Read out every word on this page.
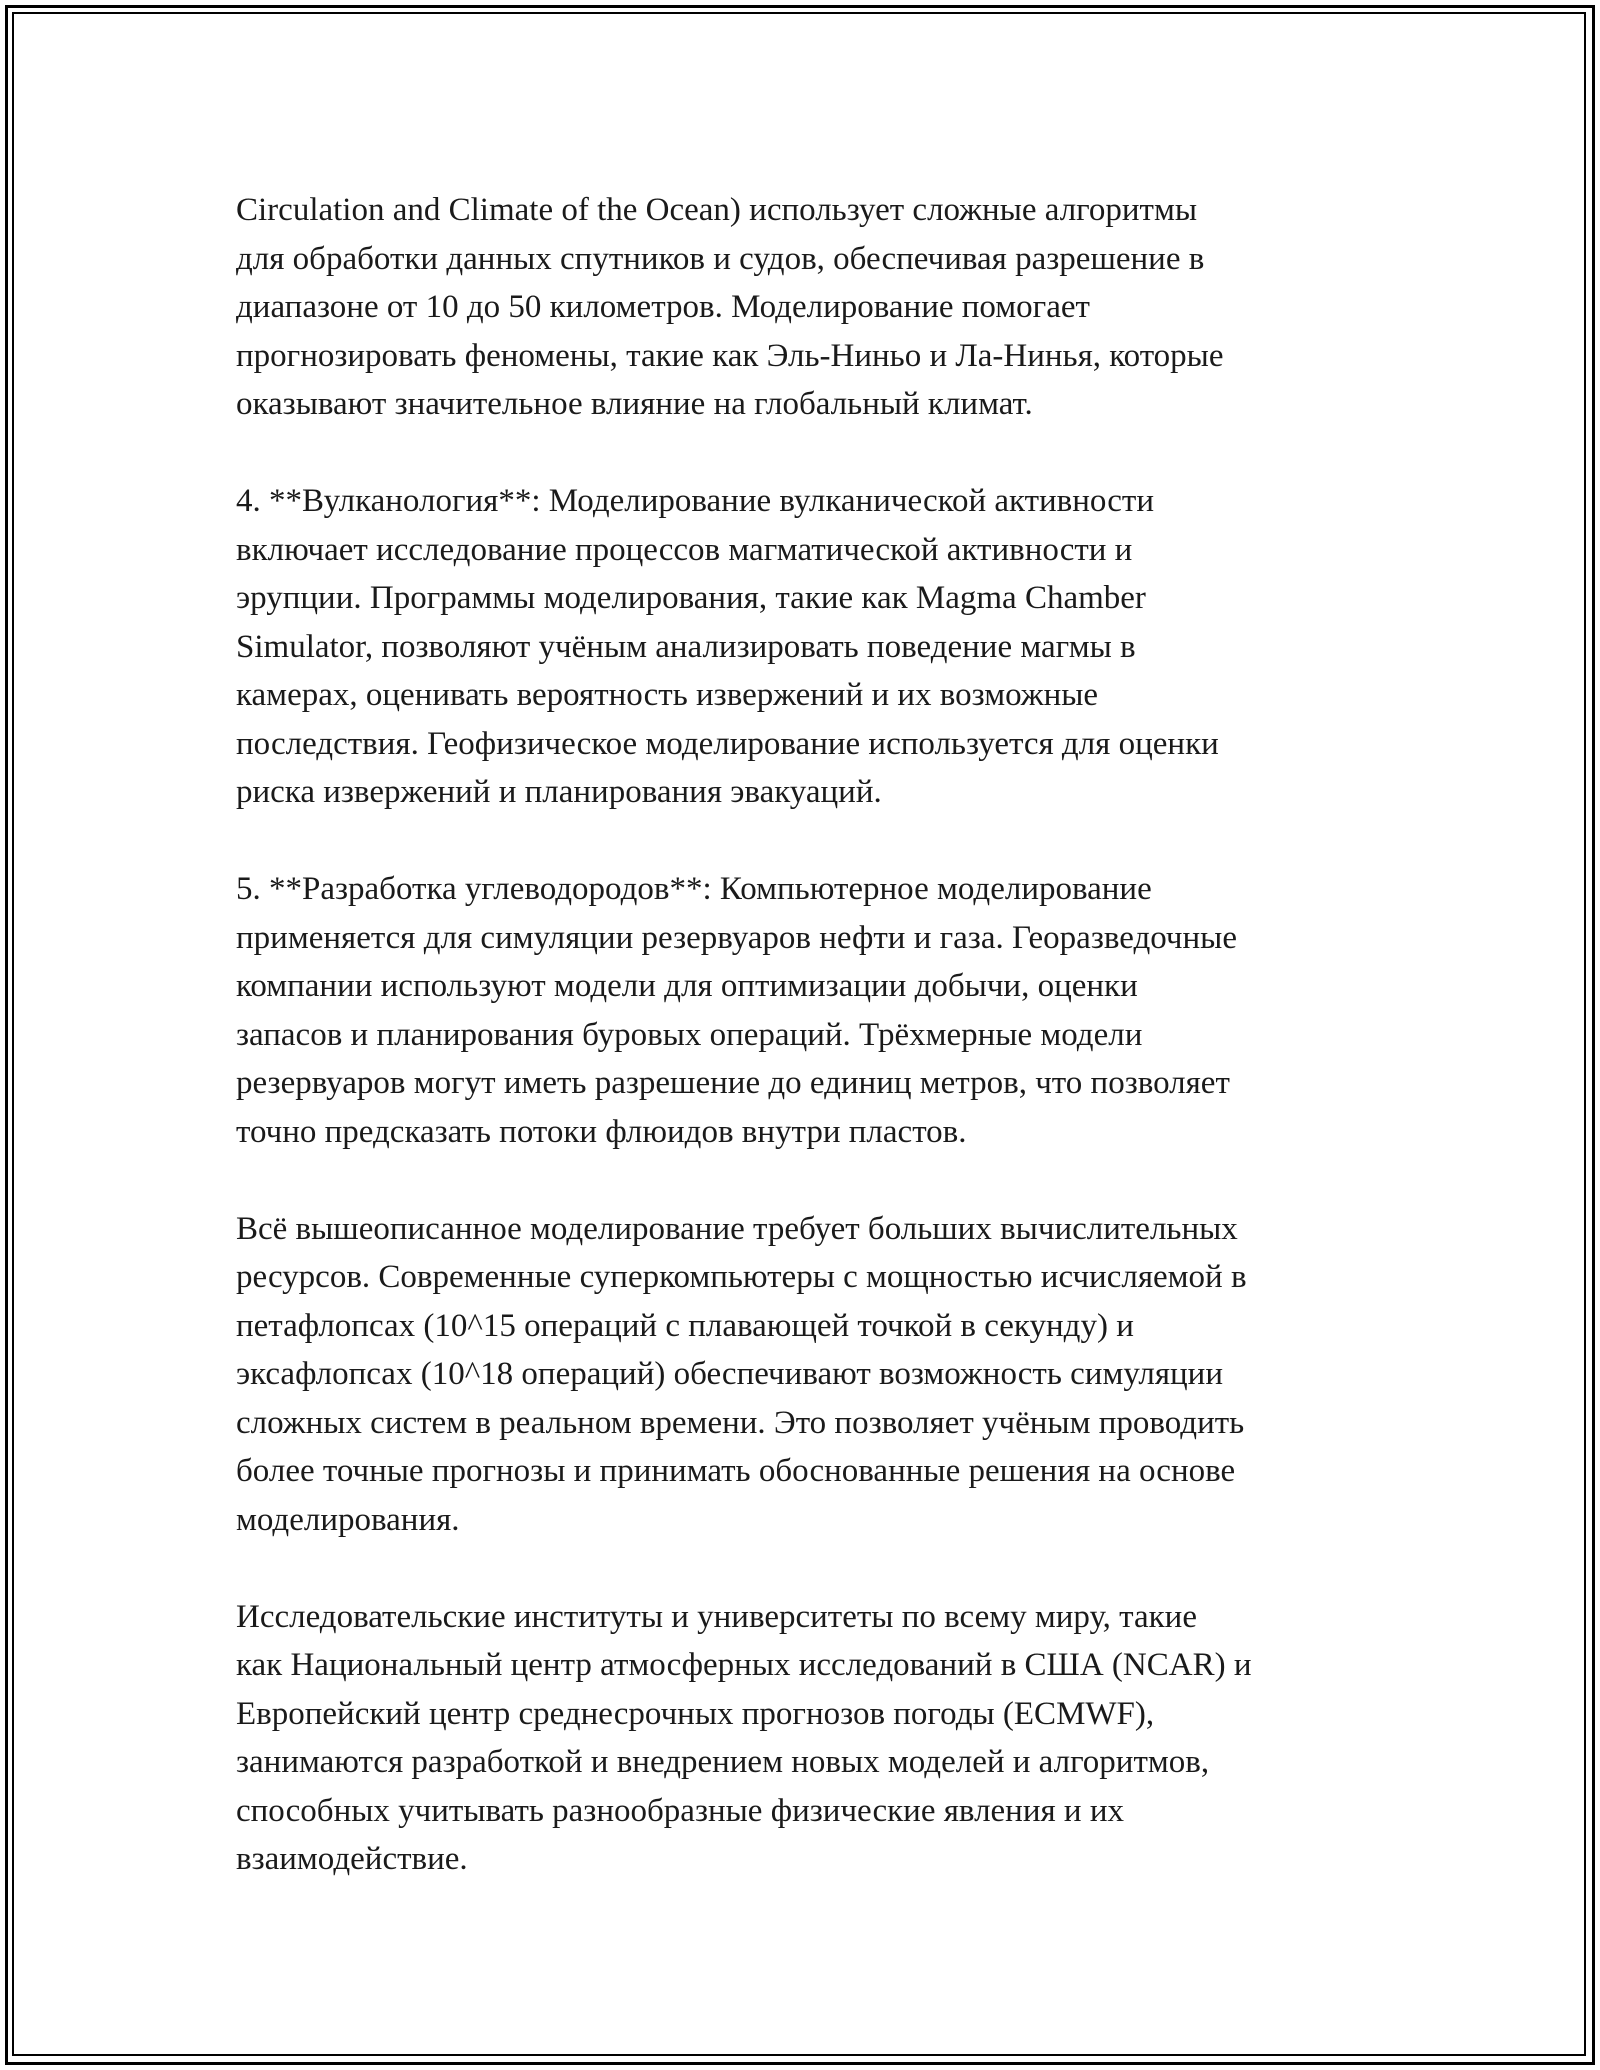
Circulation and Climate of the Ocean) использует сложные алгоритмы
для обработки данных спутников и судов, обеспечивая разрешение в
диапазоне от 10 до 50 километров. Моделирование помогает
прогнозировать феномены, такие как Эль-Ниньо и Ла-Нинья, которые
оказывают значительное влияние на глобальный климат.

4. **Вулканология**: Моделирование вулканической активности
включает исследование процессов магматической активности и
эрупции. Программы моделирования, такие как Magma Chamber
Simulator, позволяют учёным анализировать поведение магмы в
камерах, оценивать вероятность извержений и их возможные
последствия. Геофизическое моделирование используется для оценки
риска извержений и планирования эвакуаций.

5. **Разработка углеводородов**: Компьютерное моделирование
применяется для симуляции резервуаров нефти и газа. Георазведочные
компании используют модели для оптимизации добычи, оценки
запасов и планирования буровых операций. Трёхмерные модели
резервуаров могут иметь разрешение до единиц метров, что позволяет
точно предсказать потоки флюидов внутри пластов.

Всё вышеописанное моделирование требует больших вычислительных
ресурсов. Современные суперкомпьютеры с мощностью исчисляемой в
петафлопсах (10^15 операций с плавающей точкой в секунду) и
эксафлопсах (10^18 операций) обеспечивают возможность симуляции
сложных систем в реальном времени. Это позволяет учёным проводить
более точные прогнозы и принимать обоснованные решения на основе
моделирования.

Исследовательские институты и университеты по всему миру, такие
как Национальный центр атмосферных исследований в США (NCAR) и
Европейский центр среднесрочных прогнозов погоды (ECMWF),
занимаются разработкой и внедрением новых моделей и алгоритмов,
способных учитывать разнообразные физические явления и их
взаимодействие.
